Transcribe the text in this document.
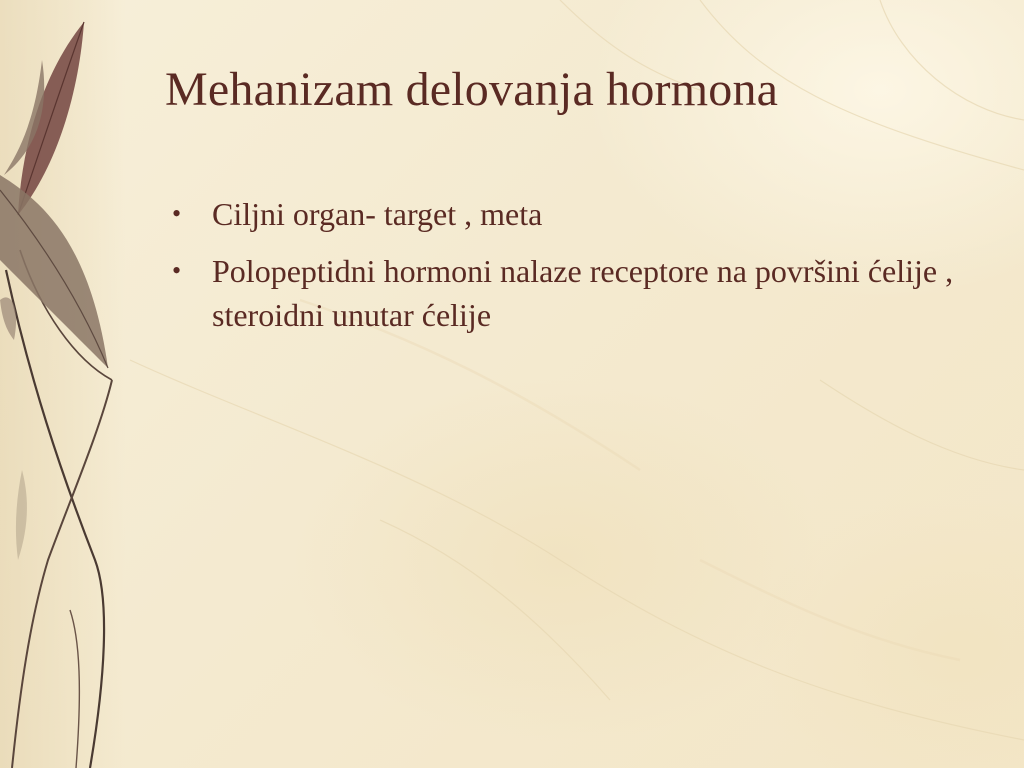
Mehanizam delovanja hormona
• Ciljni organ- target , meta
• Polopeptidni hormoni nalaze receptore na površini ćelije , steroidni unutar ćelije
